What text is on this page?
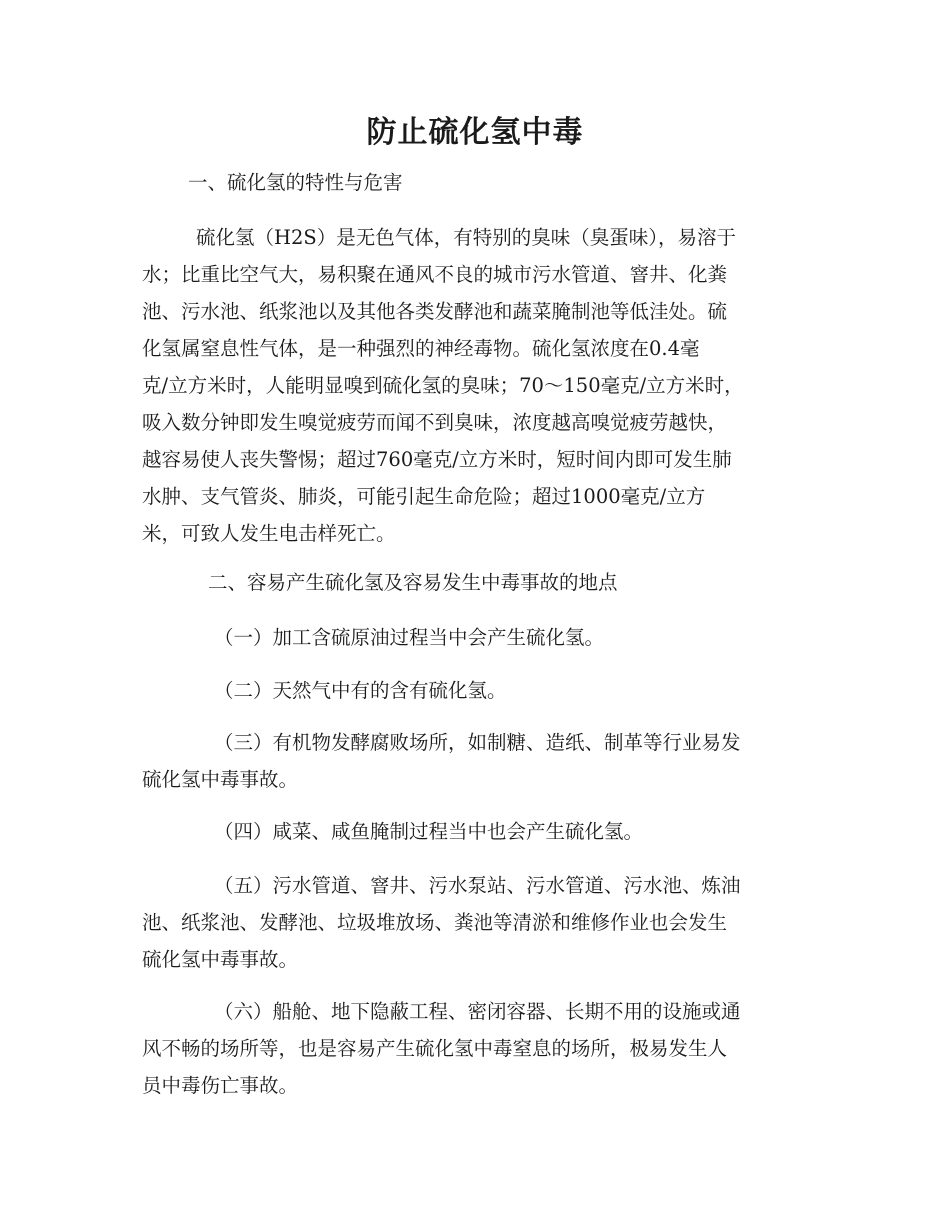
防止硫化氢中毒

一、硫化氢的特性与危害

硫化氢（H2S）是无色气体，有特别的臭味（臭蛋味），易溶于
水；比重比空气大，易积聚在通风不良的城市污水管道、窨井、化粪
池、污水池、纸浆池以及其他各类发酵池和蔬菜腌制池等低洼处。硫
化氢属窒息性气体，是一种强烈的神经毒物。硫化氢浓度在0.4毫
克/立方米时，人能明显嗅到硫化氢的臭味；70～150毫克/立方米时，
吸入数分钟即发生嗅觉疲劳而闻不到臭味，浓度越高嗅觉疲劳越快，
越容易使人丧失警惕；超过760毫克/立方米时，短时间内即可发生肺
水肿、支气管炎、肺炎，可能引起生命危险；超过1000毫克/立方
米，可致人发生电击样死亡。

二、容易产生硫化氢及容易发生中毒事故的地点

（一）加工含硫原油过程当中会产生硫化氢。
（二）天然气中有的含有硫化氢。
（三）有机物发酵腐败场所，如制糖、造纸、制革等行业易发
硫化氢中毒事故。
（四）咸菜、咸鱼腌制过程当中也会产生硫化氢。
（五）污水管道、窨井、污水泵站、污水管道、污水池、炼油
池、纸浆池、发酵池、垃圾堆放场、粪池等清淤和维修作业也会发生
硫化氢中毒事故。
（六）船舱、地下隐蔽工程、密闭容器、长期不用的设施或通
风不畅的场所等，也是容易产生硫化氢中毒窒息的场所，极易发生人
员中毒伤亡事故。
